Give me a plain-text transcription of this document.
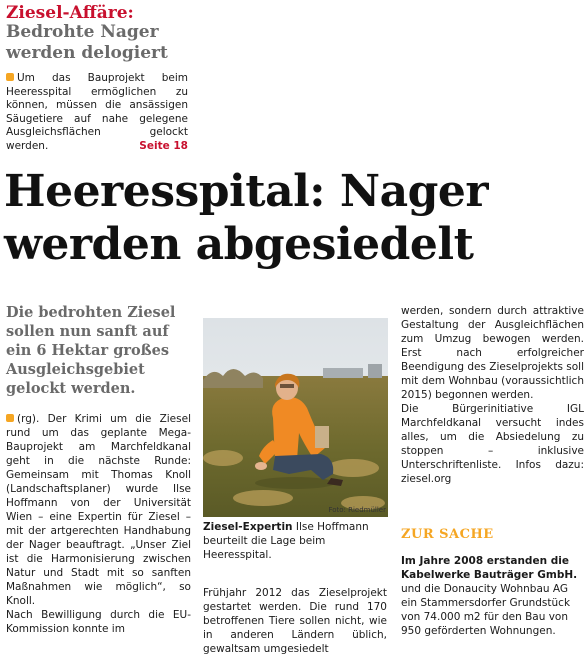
Ziesel-Affäre:
Bedrohte Nager
werden delogiert
Um das Bauprojekt beim Heeresspital ermöglichen zu können, müssen die ansässigen Säugetiere auf nahe gelegene Ausgleichsflächen gelockt werden.	Seite 18
Heeresspital: Nager
werden abgesiedelt
Die bedrohten Ziesel sollen nun sanft auf ein 6 Hektar großes Ausgleichsgebiet gelockt werden.

(rg). Der Krimi um die Ziesel rund um das geplante Mega-Bauprojekt am Marchfeldkanal geht in die nächste Runde: Gemeinsam mit Thomas Knoll (Landschaftsplaner) wurde Ilse Hoffmann von der Universität Wien – eine Expertin für Ziesel – mit der artgerechten Handhabung der Nager beauftragt. „Unser Ziel ist die Harmonisierung zwischen Natur und Stadt mit so sanften Maßnahmen wie möglich“, so Knoll.

Nach Bewilligung durch die EU-Kommission konnte im

Foto: Riedmüller
Ziesel-Expertin Ilse Hoffmann beurteilt die Lage beim Heeresspital.

Frühjahr 2012 das Zieselprojekt gestartet werden. Die rund 170 betroffenen Tiere sollen nicht, wie in anderen Ländern üblich, gewaltsam umgesiedelt

werden, sondern durch attraktive Gestaltung der Ausgleichflächen zum Umzug bewogen werden. Erst nach erfolgreicher Beendigung des Zieselprojekts soll mit dem Wohnbau (voraussichtlich 2015) begonnen werden.

Die Bürgerinitiative IGL Marchfeldkanal versucht indes alles, um die Absiedelung zu stoppen – inklusive Unterschriftenliste. Infos dazu: ziesel.org

ZUR SACHE
Im Jahre 2008 erstanden die Kabelwerke Bauträger GmbH. und die Donaucity Wohnbau AG ein Stammersdorfer Grundstück von 74.000 m2 für den Bau von 950 geförderten Wohnungen.
